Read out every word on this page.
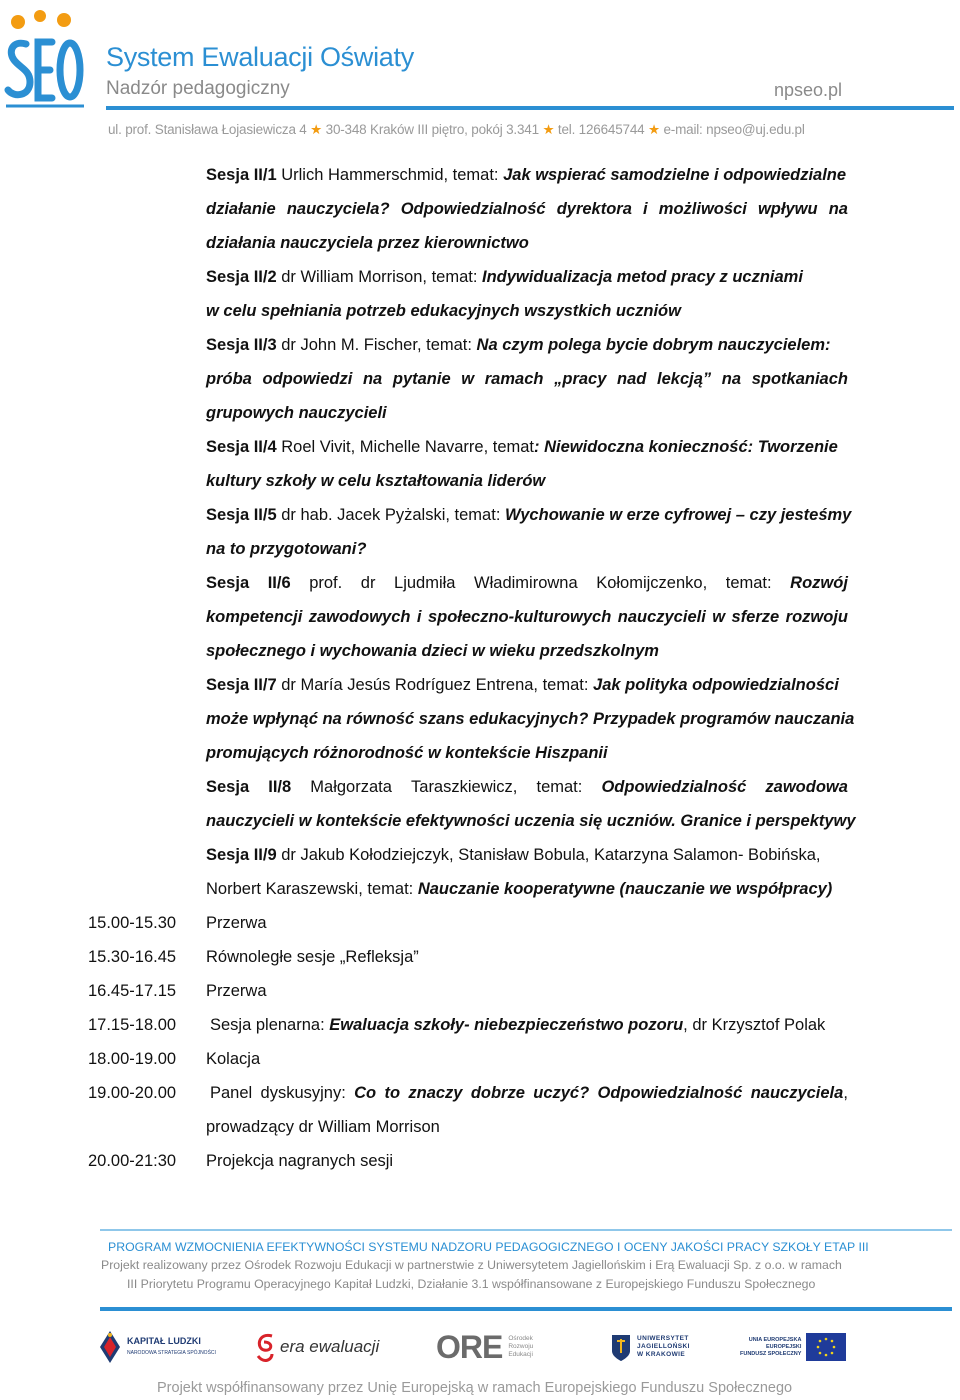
System Ewaluacji Oświaty
Nadzór pedagogiczny	npseo.pl
ul. prof. Stanisława Łojasiewicza 4 ★ 30-348 Kraków III piętro, pokój 3.341 ★ tel. 126645744 ★ e-mail: npseo@uj.edu.pl
Sesja II/1 Urlich Hammerschmid, temat: Jak wspierać samodzielne i odpowiedzialne
działanie nauczyciela? Odpowiedzialność dyrektora i możliwości wpływu na
działania nauczyciela przez kierownictwo
Sesja II/2 dr William Morrison, temat: Indywidualizacja metod pracy z uczniami
w celu spełniania potrzeb edukacyjnych wszystkich uczniów
Sesja II/3 dr John M. Fischer, temat: Na czym polega bycie dobrym nauczycielem:
próba odpowiedzi na pytanie w ramach „pracy nad lekcją” na spotkaniach
grupowych nauczycieli
Sesja II/4 Roel Vivit, Michelle Navarre, temat: Niewidoczna konieczność: Tworzenie
kultury szkoły w celu kształtowania liderów
Sesja II/5 dr hab. Jacek Pyżalski, temat: Wychowanie w erze cyfrowej – czy jesteśmy
na to przygotowani?
Sesja II/6 prof. dr Ljudmiła Władimirowna Kołomijczenko, temat: Rozwój
kompetencji zawodowych i społeczno-kulturowych nauczycieli w sferze rozwoju
społecznego i wychowania dzieci w wieku przedszkolnym
Sesja II/7 dr María Jesús Rodríguez Entrena, temat: Jak polityka odpowiedzialności
może wpłynąć na równość szans edukacyjnych? Przypadek programów nauczania
promujących różnorodność w kontekście Hiszpanii
Sesja II/8 Małgorzata Taraszkiewicz, temat: Odpowiedzialność zawodowa
nauczycieli w kontekście efektywności uczenia się uczniów. Granice i perspektywy
Sesja II/9 dr Jakub Kołodziejczyk, Stanisław Bobula, Katarzyna Salamon- Bobińska,
Norbert Karaszewski, temat: Nauczanie kooperatywne (nauczanie we współpracy)
15.00-15.30 Przerwa
15.30-16.45 Równoległe sesje „Refleksja”
16.45-17.15 Przerwa
17.15-18.00 Sesja plenarna: Ewaluacja szkoły- niebezpieczeństwo pozoru, dr Krzysztof Polak
18.00-19.00 Kolacja
19.00-20.00 Panel dyskusyjny: Co to znaczy dobrze uczyć? Odpowiedzialność nauczyciela,
prowadzący dr William Morrison
20.00-21:30 Projekcja nagranych sesji
PROGRAM WZMOCNIENIA EFEKTYWNOŚCI SYSTEMU NADZORU PEDAGOGICZNEGO I OCENY JAKOŚCI PRACY SZKOŁY ETAP III
Projekt realizowany przez Ośrodek Rozwoju Edukacji w partnerstwie z Uniwersytetem Jagiellońskim i Erą Ewaluacji Sp. z o.o. w ramach
III Priorytetu Programu Operacyjnego Kapitał Ludzki, Działanie 3.1 współfinansowane z Europejskiego Funduszu Społecznego
KAPITAŁ LUDZKI
NARODOWA STRATEGIA SPÓJNOŚCI	era ewaluacji ORE Ośrodek
Rozwoju
Edukacji
UNIWERSYTET
JAGIELLOŃSKI
W KRAKOWIE
UNIA EUROPEJSKA
EUROPEJSKI
FUNDUSZ SPOŁECZNY
Projekt współfinansowany przez Unię Europejską w ramach Europejskiego Funduszu Społecznego
